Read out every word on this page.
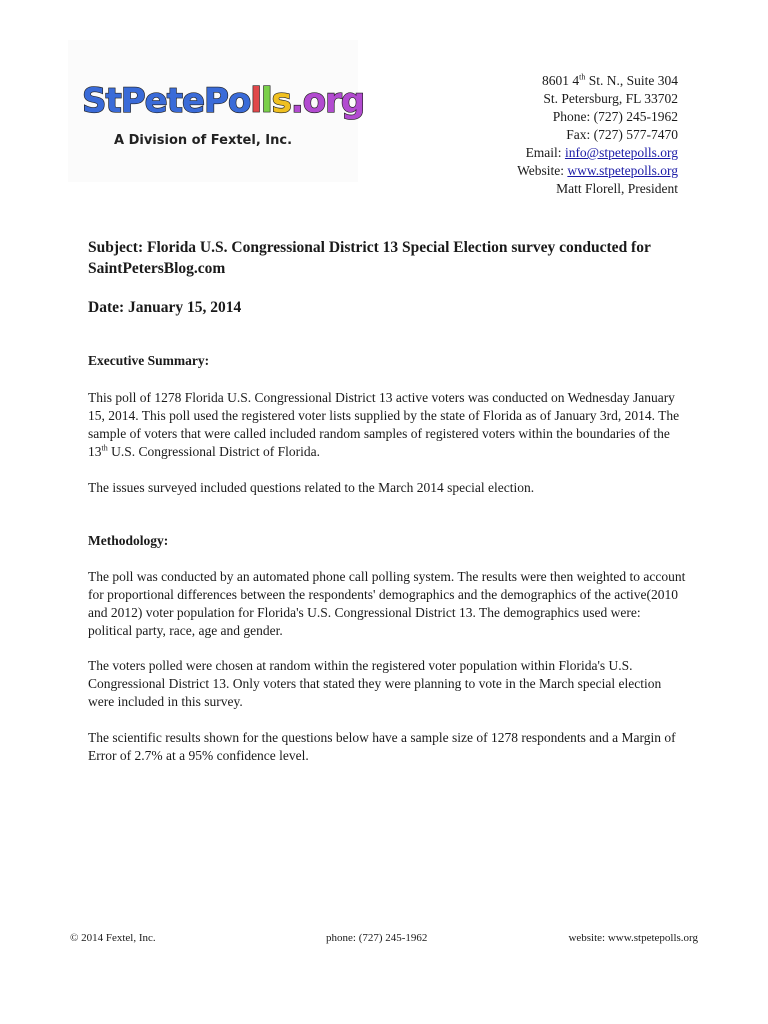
StPetePolls.org
A Division of Fextel, Inc.
8601 4th St. N., Suite 304
St. Petersburg, FL 33702
Phone: (727) 245-1962
Fax: (727) 577-7470
Email: info@stpetepolls.org
Website: www.stpetepolls.org
Matt Florell, President
Subject: Florida U.S. Congressional District 13 Special Election survey conducted for SaintPetersBlog.com
Date: January 15, 2014
Executive Summary:
This poll of 1278 Florida U.S. Congressional District 13 active voters was conducted on Wednesday January 15, 2014. This poll used the registered voter lists supplied by the state of Florida as of January 3rd, 2014. The sample of voters that were called included random samples of registered voters within the boundaries of the 13th U.S. Congressional District of Florida.
The issues surveyed included questions related to the March 2014 special election.
Methodology:
The poll was conducted by an automated phone call polling system. The results were then weighted to account for proportional differences between the respondents' demographics and the demographics of the active(2010 and 2012) voter population for Florida's U.S. Congressional District 13. The demographics used were: political party, race, age and gender.
The voters polled were chosen at random within the registered voter population within Florida's U.S. Congressional District 13. Only voters that stated they were planning to vote in the March special election were included in this survey.
The scientific results shown for the questions below have a sample size of 1278 respondents and a Margin of Error of 2.7% at a 95% confidence level.
© 2014 Fextel, Inc.	phone: (727) 245-1962	website: www.stpetepolls.org
